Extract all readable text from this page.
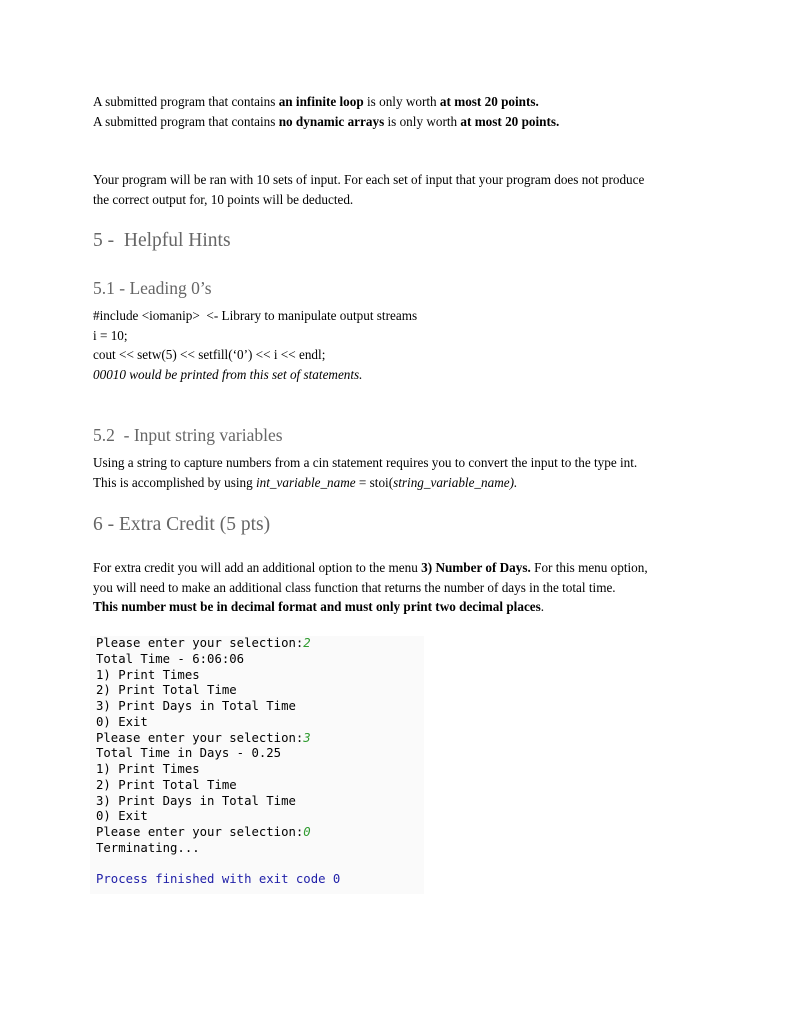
A submitted program that contains an infinite loop is only worth at most 20 points.
A submitted program that contains no dynamic arrays is only worth at most 20 points.

Your program will be ran with 10 sets of input. For each set of input that your program does not produce
the correct output for, 10 points will be deducted.

5 -  Helpful Hints
5.1 - Leading 0’s

#include <iomanip>  <- Library to manipulate output streams
i = 10;
cout << setw(5) << setfill(‘0’) << i << endl;
00010 would be printed from this set of statements.

5.2  - Input string variables

Using a string to capture numbers from a cin statement requires you to convert the input to the type int.
This is accomplished by using int_variable_name = stoi(string_variable_name).

6 - Extra Credit (5 pts)

For extra credit you will add an additional option to the menu 3) Number of Days. For this menu option,
you will need to make an additional class function that returns the number of days in the total time.
This number must be in decimal format and must only print two decimal places.

Please enter your selection:2
Total Time - 6:06:06
1) Print Times
2) Print Total Time
3) Print Days in Total Time
0) Exit
Please enter your selection:3
Total Time in Days - 0.25
1) Print Times
2) Print Total Time
3) Print Days in Total Time
0) Exit
Please enter your selection:0
Terminating...
Process finished with exit code 0
